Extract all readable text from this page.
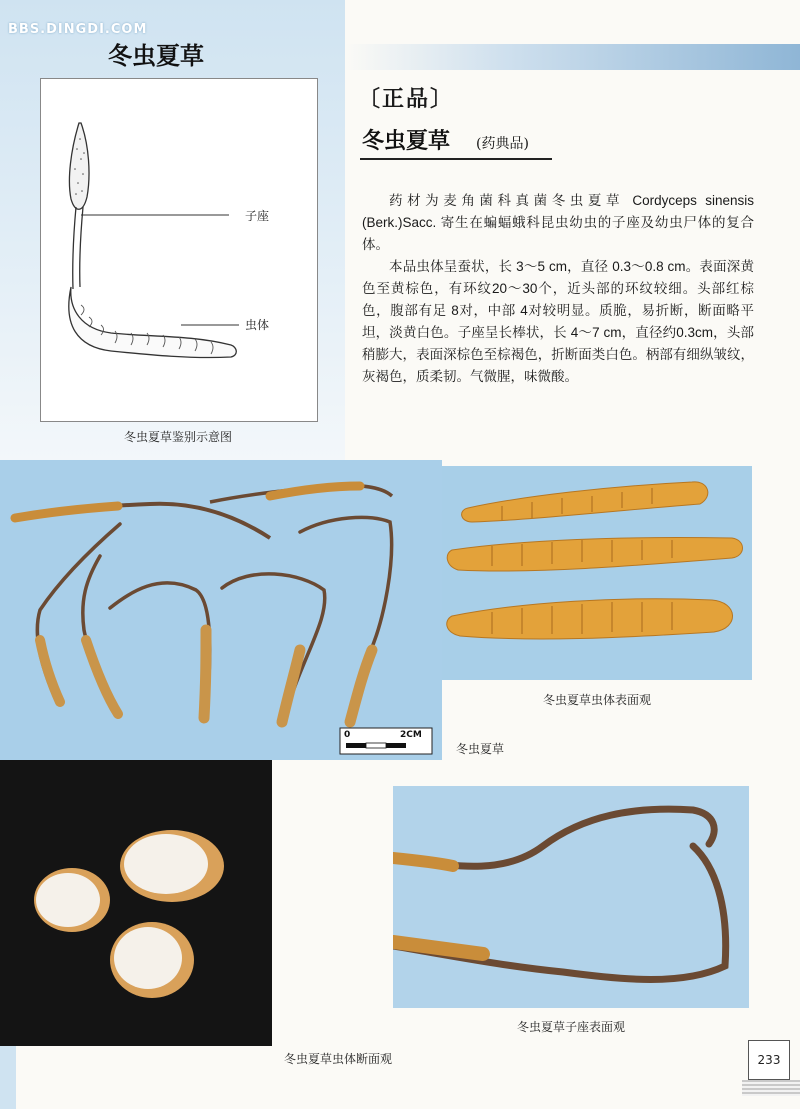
BBS.DINGDI.COM
冬虫夏草
子座
虫体
冬虫夏草鉴别示意图
〔正品〕
冬虫夏草 (药典品)

药材为麦角菌科真菌冬虫夏草 Cordyceps sinensis (Berk.)Sacc. 寄生在蝙蝠蛾科昆虫幼虫的子座及幼虫尸体的复合体。

本品虫体呈蚕状，长 3～5 cm，直径 0.3～0.8 cm。表面深黄色至黄棕色，有环纹20～30个，近头部的环纹较细。头部红棕色，腹部有足 8对，中部 4对较明显。质脆，易折断，断面略平坦，淡黄白色。子座呈长棒状，长 4～7 cm，直径约0.3cm，头部稍膨大，表面深棕色至棕褐色，折断面类白色。柄部有细纵皱纹，灰褐色，质柔韧。气微腥，味微酸。

0	2CM
冬虫夏草
冬虫夏草虫体表面观
冬虫夏草虫体断面观
冬虫夏草子座表面观
233
